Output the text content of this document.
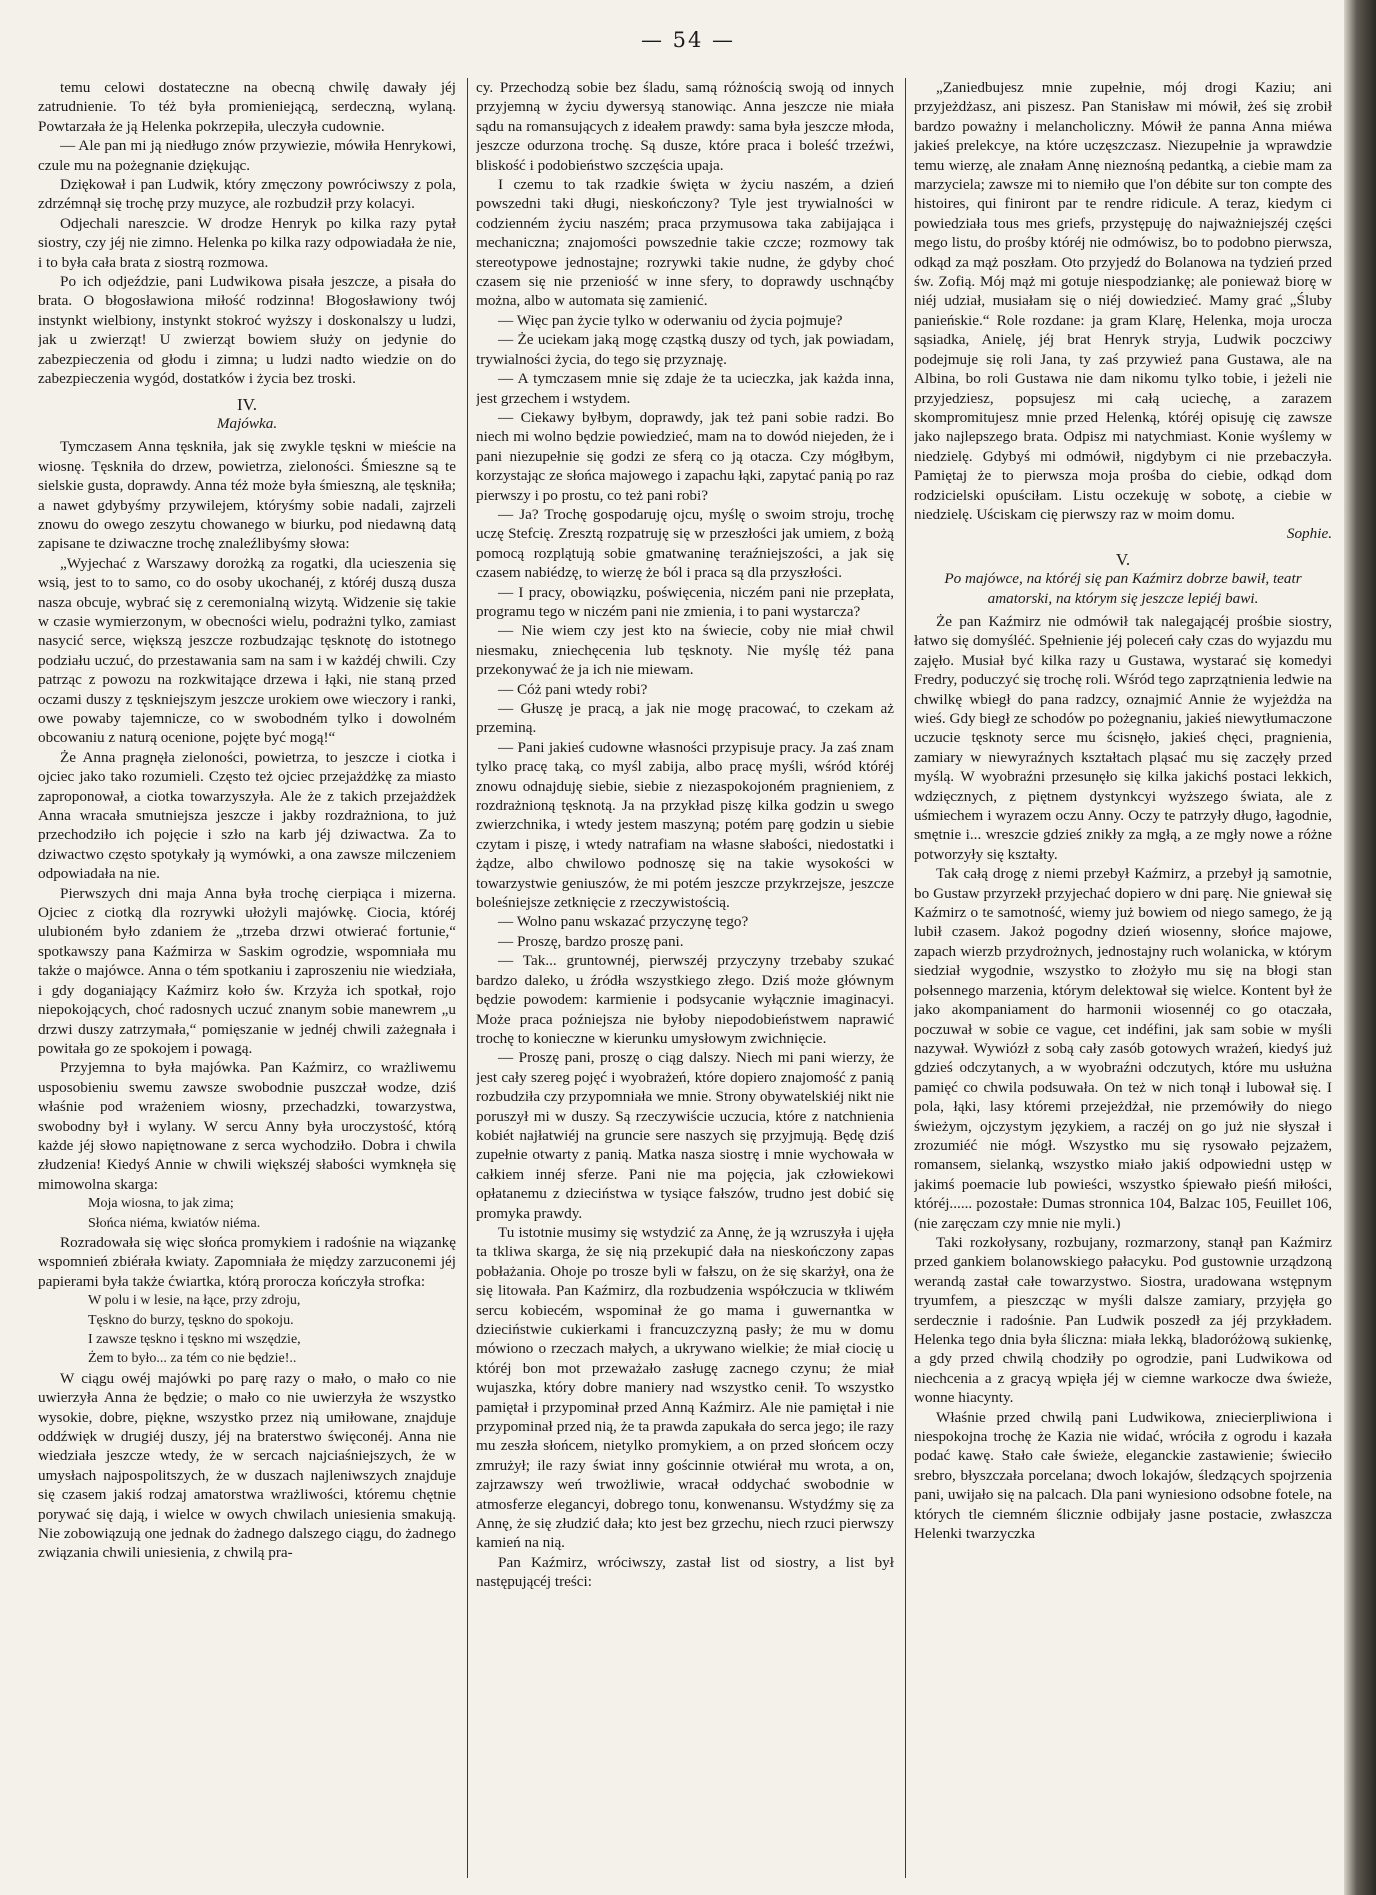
— 54 —

temu celowi dostateczne na obecną chwilę dawały jéj zatrudnienie. To téż była promieniejącą, serdeczną, wylaną. Powtarzała że ją Helenka pokrzepiła, uleczyła cudownie.

— Ale pan mi ją niedługo znów przywiezie, mówiła Henrykowi, czule mu na pożegnanie dziękując.

Dziękował i pan Ludwik, który zmęczony powróciwszy z pola, zdrzémnął się trochę przy muzyce, ale rozbudził przy kolacyi.

Odjechali nareszcie. W drodze Henryk po kilka razy pytał siostry, czy jéj nie zimno. Helenka po kilka razy odpowiadała że nie, i to była cała brata z siostrą rozmowa.

Po ich odjeździe, pani Ludwikowa pisała jeszcze, a pisała do brata. O błogosławiona miłość rodzinna! Błogosławiony twój instynkt wielbiony, instynkt stokroć wyższy i doskonalszy u ludzi, jak u zwierząt! U zwierząt bowiem służy on jedynie do zabezpieczenia od głodu i zimna; u ludzi nadto wiedzie on do zabezpieczenia wygód, dostatków i życia bez troski.

IV.

Majówka.

Tymczasem Anna tęskniła, jak się zwykle tęskni w mieście na wiosnę. Tęskniła do drzew, powietrza, zieloności. Śmieszne są te sielskie gusta, doprawdy. Anna téż może była śmieszną, ale tęskniła; a nawet gdybyśmy przywilejem, któryśmy sobie nadali, zajrzeli znowu do owego zeszytu chowanego w biurku, pod niedawną datą zapisane te dziwaczne trochę znaleźlibyśmy słowa:

„Wyjechać z Warszawy dorożką za rogatki, dla ucieszenia się wsią, jest to to samo, co do osoby ukochanéj, z któréj duszą dusza nasza obcuje, wybrać się z ceremonialną wizytą. Widzenie się takie w czasie wymierzonym, w obecności wielu, podrażni tylko, zamiast nasycić serce, większą jeszcze rozbudzając tęsknotę do istotnego podziału uczuć, do przestawania sam na sam i w każdéj chwili. Czy patrząc z powozu na rozkwitające drzewa i łąki, nie staną przed oczami duszy z tęskniejszym jeszcze urokiem owe wieczory i ranki, owe powaby tajemnicze, co w swobodném tylko i dowolném obcowaniu z naturą ocenione, pojęte być mogą!“

Że Anna pragnęła zieloności, powietrza, to jeszcze i ciotka i ojciec jako tako rozumieli. Często też ojciec przejażdżkę za miasto zaproponował, a ciotka towarzyszyła. Ale że z takich przejażdżek Anna wracała smutniejsza jeszcze i jakby rozdrażniona, to już przechodziło ich pojęcie i szło na karb jéj dziwactwa. Za to dziwactwo często spotykały ją wymówki, a ona zawsze milczeniem odpowiadała na nie.

Pierwszych dni maja Anna była trochę cierpiąca i mizerna. Ojciec z ciotką dla rozrywki ułożyli majówkę. Ciocia, któréj ulubioném było zdaniem że „trzeba drzwi otwierać fortunie,“ spotkawszy pana Kaźmirza w Saskim ogrodzie, wspomniała mu także o majówce. Anna o tém spotkaniu i zaproszeniu nie wiedziała, i gdy doganiający Kaźmirz koło św. Krzyża ich spotkał, rojo niepokojących, choć radosnych uczuć znanym sobie manewrem „u drzwi duszy zatrzymała,“ pomięszanie w jednéj chwili zażegnała i powitała go ze spokojem i powagą.

Przyjemna to była majówka. Pan Kaźmirz, co wrażliwemu usposobieniu swemu zawsze swobodnie puszczał wodze, dziś właśnie pod wrażeniem wiosny, przechadzki, towarzystwa, swobodny był i wylany. W sercu Anny była uroczystość, którą każde jéj słowo napiętnowane z serca wychodziło. Dobra i chwila złudzenia! Kiedyś Annie w chwili większéj słabości wymknęła się mimowolna skarga:

Moja wiosna, to jak zima;
Słońca niéma, kwiatów niéma.

Rozradowała się więc słońca promykiem i radośnie na wiązankę wspomnień zbiérała kwiaty. Zapomniała że między zarzuconemi jéj papierami była także ćwiartka, którą proroczа kończyła strofka:

W polu i w lesie, na łące, przy zdroju,
Tęskno do burzy, tęskno do spokoju.
I zawsze tęskno i tęskno mi wszędzie,
Żem to było... za tém co nie będzie!..

W ciągu owéj majówki po parę razy o mało, o mało co nie uwierzyła Anna że będzie; o mało co nie uwierzyła że wszystko wysokie, dobre, piękne, wszystko przez nią umiłowane, znajduje oddźwięk w drugiéj duszy, jéj na braterstwo święconéj. Anna nie wiedziała jeszcze wtedy, że w sercach najciaśniejszych, że w umysłach najpospolitszych, że w duszach najleniwszych znajduje się czasem jakiś rodzaj amatorstwa wrażliwości, któremu chętnie porywać się dają, i wielce w owych chwilach uniesienia smakują. Nie zobowiązują one jednak do żadnego dalszego ciągu, do żadnego związania chwili uniesienia, z chwilą pra-

cy. Przechodzą sobie bez śladu, samą różnością swoją od innych przyjemną w życiu dywersyą stanowiąc. Anna jeszcze nie miała sądu na romansujących z ideałem prawdy: sama była jeszcze młoda, jeszcze odurzona trochę. Są dusze, które praca i boleść trzeźwi, bliskość i podobieństwo szczęścia upaja.

I czemu to tak rzadkie święta w życiu naszém, a dzień powszedni taki długi, nieskończony? Tyle jest trywialności w codzienném życiu naszém; praca przymusowa taka zabijająca i mechaniczna; znajomości powszednie takie czcze; rozmowy tak stereotypowe jednostajne; rozrywki takie nudne, że gdyby choć czasem się nie przeniość w inne sfery, to doprawdy uschnąćby można, albo w automata się zamienić.

— Więc pan życie tylko w oderwaniu od życia pojmuje?

— Że uciekam jaką mogę cząstką duszy od tych, jak powiadam, trywialności życia, do tego się przyznaję.

— A tymczasem mnie się zdaje że ta ucieczka, jak każda inna, jest grzechem i wstydem.

— Ciekawy byłbym, doprawdy, jak też pani sobie radzi. Bo niech mi wolno będzie powiedzieć, mam na to dowód niejeden, że i pani niezupełnie się godzi ze sferą co ją otacza. Czy mógłbym, korzystając ze słońca majowego i zapachu łąki, zapytać panią po raz pierwszy i po prostu, co też pani robi?

— Ja? Trochę gospodaruję ojcu, myślę o swoim stroju, trochę uczę Stefcię. Zresztą rozpatruję się w przeszłości jak umiem, z bożą pomocą rozplątują sobie gmatwaninę teraźniejszości, a jak się czasem nabiédzę, to wierzę że ból i praca są dla przyszłości.

— I pracy, obowiązku, poświęcenia, niczém pani nie przepłata, programu tego w niczém pani nie zmienia, i to pani wystarcza?

— Nie wiem czy jest kto na świecie, coby nie miał chwil niesmaku, zniechęcenia lub tęsknoty. Nie myślę téż pana przekonywać że ja ich nie miewam.

— Cóż pani wtedy robi?

— Głuszę je pracą, a jak nie mogę pracować, to czekam aż przeminą.

— Pani jakieś cudowne własności przypisuje pracy. Ja zaś znam tylko pracę taką, co myśl zabija, albo pracę myśli, wśród któréj znowu odnajduję siebie, siebie z niezaspokojoném pragnieniem, z rozdrażnioną tęsknotą. Ja na przykład piszę kilka godzin u swego zwierzchnika, i wtedy jestem maszyną; potém parę godzin u siebie czytam i piszę, i wtedy natrafiam na własne słabości, niedostatki i żądze, albo chwilowo podnoszę się na takie wysokości w towarzystwie geniuszów, że mi potém jeszcze przykrzejsze, jeszcze boleśniejsze zetknięcie z rzeczywistością.

— Wolno panu wskazać przyczynę tego?

— Proszę, bardzo proszę pani.

— Tak... gruntownéj, pierwszéj przyczyny trzebaby szukać bardzo daleko, u źródła wszystkiego złego. Dziś może głównym będzie powodem: karmienie i podsycanie wyłącznie imaginacyi. Może praca poźniejsza nie byłoby niepodobieństwem naprawić trochę to konieczne w kierunku umysłowym zwichnięcie.

— Proszę pani, proszę o ciąg dalszy. Niech mi pani wierzy, że jest cały szereg pojęć i wyobrażeń, które dopiero znajomość z panią rozbudziła czy przypomniała we mnie. Strony obywatelskiéj nikt nie poruszył mi w duszy. Są rzeczywiście uczucia, które z natchnienia kobiét najłatwiéj na gruncie sere naszych się przyjmują. Będę dziś zupełnie otwarty z panią. Matka nasza siostrę i mnie wychowała w całkiem innéj sferze. Pani nie ma pojęcia, jak człowiekowi opłatanemu z dzieciństwa w tysiące fałszów, trudno jest dobić się promyka prawdy.

Tu istotnie musimy się wstydzić za Annę, że ją wzruszyła i ujęła ta tkliwa skarga, że się nią przekupić dała na nieskończony zapas pobłażania. Ohoje po trosze byli w fałszu, on że się skarżył, ona że się litowała. Pan Kaźmirz, dla rozbudzenia współczucia w tkliwém sercu kobiecém, wspominał że go mama i guwernantka w dzieciństwie cukierkami i francuzczyzną pasły; że mu w domu mówiono o rzeczach małych, a ukrywano wielkie; że miał ciocię u któréj bon mot przeważało zasługę zacnego czynu; że miał wujaszka, który dobre maniery nad wszystko cenił. To wszystko pamiętał i przypominał przed Anną Kaźmirz. Ale nie pamiętał i nie przypominał przed nią, że ta prawda zapukała do serca jego; ile razy mu zeszła słońcem, nietylko promykiem, a on przed słońcem oczy zmrużył; ile razy świat inny gościnnie otwiérał mu wrota, a on, zajrzawszy weń trwożliwie, wracał oddychać swobodnie w atmosferze elegancyi, dobrego tonu, konwenansu. Wstydźmy się za Annę, że się złudzić dała; kto jest bez grzechu, niech rzuci pierwszy kamień na nią.

Pan Kaźmirz, wróciwszy, zastał list od siostry, a list był następującéj treści:

„Zaniedbujesz mnie zupełnie, mój drogi Kaziu; ani przyjeżdżasz, ani piszesz. Pan Stanisław mi mówił, żeś się zrobił bardzo poważny i melancholiczny. Mówił że panna Anna miéwa jakieś prelekcye, na które uczęszczasz. Niezupełnie ja wprawdzie temu wierzę, ale znałam Annę nieznośną pedantką, a ciebie mam za marzyciela; zawsze mi to niemiło que l'on débite sur ton compte des histoires, qui finiront par te rendre ridicule. A teraz, kiedym ci powiedziała tous mes griefs, przystępuję do najważniejszéj części mego listu, do prośby któréj nie odmówisz, bo to podobno pierwsza, odkąd za mąż poszłam. Oto przyjedź do Bolanowa na tydzień przed św. Zofią. Mój mąż mi gotuje niespodziankę; ale ponieważ biorę w niéj udział, musiałam się o niéj dowiedzieć. Mamy grać „Śluby panieńskie.“ Role rozdane: ja gram Klarę, Helenka, moja urocza sąsiadka, Anielę, jéj brat Henryk stryja, Ludwik poczciwy podejmuje się roli Jana, ty zaś przywieź pana Gustawa, ale na Albina, bo roli Gustawa nie dam nikomu tylko tobie, i jeżeli nie przyjedziesz, popsujesz mi całą uciechę, a zarazem skompromitujesz mnie przed Helenką, któréj opisuję cię zawsze jako najlepszego brata. Odpisz mi natychmiast. Konie wyślemy w niedzielę. Gdybyś mi odmówił, nigdybym ci nie przebaczyła. Pamiętaj że to pierwsza moja prośba do ciebie, odkąd dom rodzicielski opuściłam. Listu oczekuję w sobotę, a ciebie w niedzielę. Uściskam cię pierwszy raz w moim domu.

Sophie.

V.

Po majówce, na któréj się pan Kaźmirz dobrze bawił, teatr amatorski, na którym się jeszcze lepiéj bawi.

Że pan Kaźmirz nie odmówił tak nalegającéj prośbie siostry, łatwo się domyśléć. Spełnienie jéj poleceń cały czas do wyjazdu mu zajęło. Musiał być kilka razy u Gustawa, wystarać się komedyi Fredry, poduczyć się trochę roli. Wśród tego zaprzątnienia ledwie na chwilkę wbiegł do pana radzcy, oznajmić Annie że wyjeżdża na wieś. Gdy biegł ze schodów po pożegnaniu, jakieś niewytłumaczone uczucie tęsknoty serce mu ścisnęło, jakieś chęci, pragnienia, zamiary w niewyraźnych kształtach pląsać mu się zaczęły przed myślą. W wyobraźni przesunęło się kilka jakichś postaci lekkich, wdzięcznych, z piętnem dystynkcyi wyższego świata, ale z uśmiechem i wyrazem oczu Anny. Oczy te patrzyły długo, łagodnie, smętnie i... wreszcie gdzieś znikły za mgłą, a ze mgły nowe a różne potworzyły się kształty.

Tak całą drogę z niemi przebył Kaźmirz, a przebył ją samotnie, bo Gustaw przyrzekł przyjechać dopiero w dni parę. Nie gniewał się Kaźmirz o te samotność, wiemy już bowiem od niego samego, że ją lubił czasem. Jakoż pogodny dzień wiosenny, słońce majowe, zapach wierzb przydrożnych, jednostajny ruch wolanicka, w którym siedział wygodnie, wszystko to złożyło mu się na błogi stan połsennego marzenia, którym delektował się wielce. Kontent był że jako akompaniament do harmonii wiosennéj co go otaczała, poczuwał w sobie ce vague, cet indéfini, jak sam sobie w myśli nazywał. Wywiózł z sobą cały zasób gotowych wrażeń, kiedyś już gdzieś odczytanych, a w wyobraźni odczutych, które mu usłużna pamięć co chwila podsuwała. On też w nich tonął i lubował się. I pola, łąki, lasy któremi przejeżdżał, nie przemówiły do niego świeżym, ojczystym językiem, a raczéj on go już nie słyszał i zrozumiéć nie mógł. Wszystko mu się rysowało pejzażem, romansem, sielanką, wszystko miało jakiś odpowiedni ustęp w jakimś poemacie lub powieści, wszystko śpiewało pieśń miłości, któréj...... pozostałe: Dumas stronnica 104, Balzac 105, Feuillet 106, (nie zaręczam czy mnie nie myli.)

Taki rozkołysany, rozbujany, rozmarzony, stanął pan Kaźmirz przed gankiem bolanowskiego pałacyku. Pod gustownie urządzoną werandą zastał całe towarzystwo. Siostra, uradowana wstępnym tryumfem, a pieszcząc w myśli dalsze zamiary, przyjęła go serdecznie i radośnie. Pan Ludwik poszedł za jéj przykładem. Helenka tego dnia była śliczna: miała lekką, bladoróżową sukienkę, a gdy przed chwilą chodziły po ogrodzie, pani Ludwikowa od niechcenia a z gracyą wpięła jéj w ciemne warkocze dwa świeże, wonne hiacynty.

Właśnie przed chwilą pani Ludwikowa, zniecierpliwiona i niespokojna trochę że Kazia nie widać, wróciła z ogrodu i kazała podać kawę. Stało całe świeże, eleganckie zastawienie; świeciło srebro, błyszczała porcelana; dwoch lokajów, śledzących spojrzenia pani, uwijało się na palcach. Dla pani wyniesiono odsobne fotele, na których tle ciemném ślicznie odbijały jasne postacie, zwłaszcza Helenki twarzyczka
